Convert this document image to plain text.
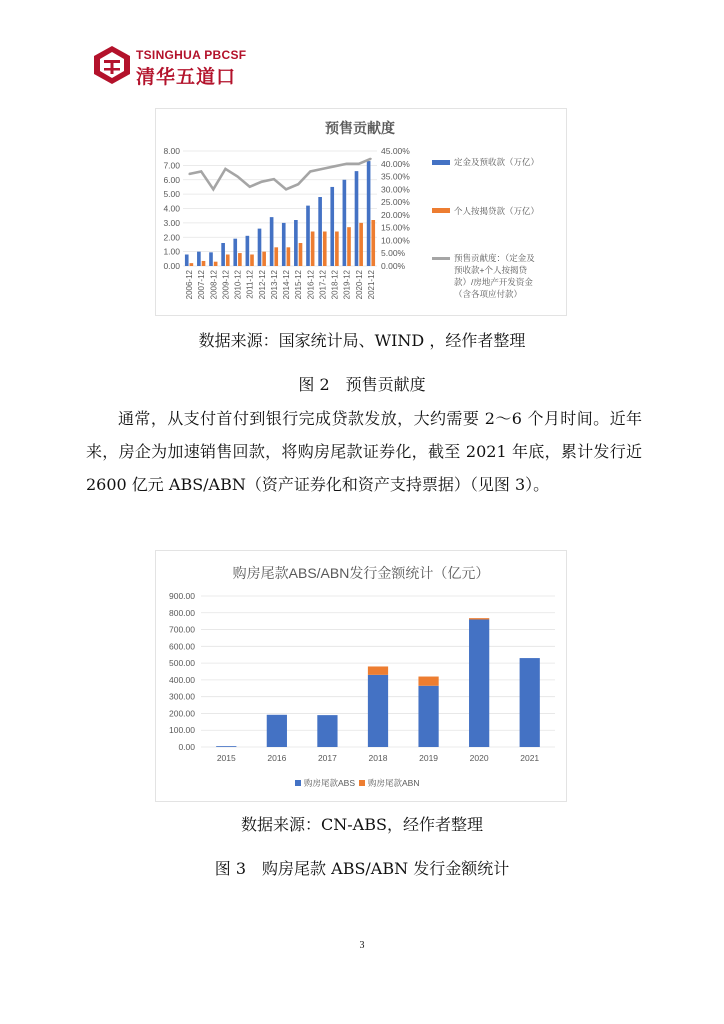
TSINGHUA PBCSF
清华五道口
预售贡献度
0.00
1.00
2.00
3.00
4.00
5.00
6.00
7.00
8.00
0.00%
5.00%
10.00%
15.00%
20.00%
25.00%
30.00%
35.00%
40.00%
45.00%
2006-12 2007-12 2008-12 2009-12 2010-12 2011-12 2012-12 2013-12 2014-12 2015-12 2016-12 2017-12 2018-12 2019-12 2020-12 2021-12
定金及预收款（万亿）
个人按揭贷款（万亿）
预售贡献度：（定金及
预收款+个人按揭贷
款）/房地产开发资金
（含各项应付款）
数据来源：国家统计局、WIND ，经作者整理
图 2　预售贡献度

通常，从支付首付到银行完成贷款发放，大约需要 2～6 个月时间。近年来，房企为加速销售回款，将购房尾款证券化，截至 2021 年底，累计发行近 2600 亿元 ABS/ABN（资产证券化和资产支持票据）（见图 3）。

购房尾款ABS/ABN发行金额统计（亿元）
0.00
100.00
200.00
300.00
400.00
500.00
600.00
700.00
800.00
900.00
2015	2016	2017	2018	2019	2020	2021
购房尾款ABS 购房尾款ABN
数据来源：CN-ABS，经作者整理
图 3　购房尾款 ABS/ABN 发行金额统计
3
